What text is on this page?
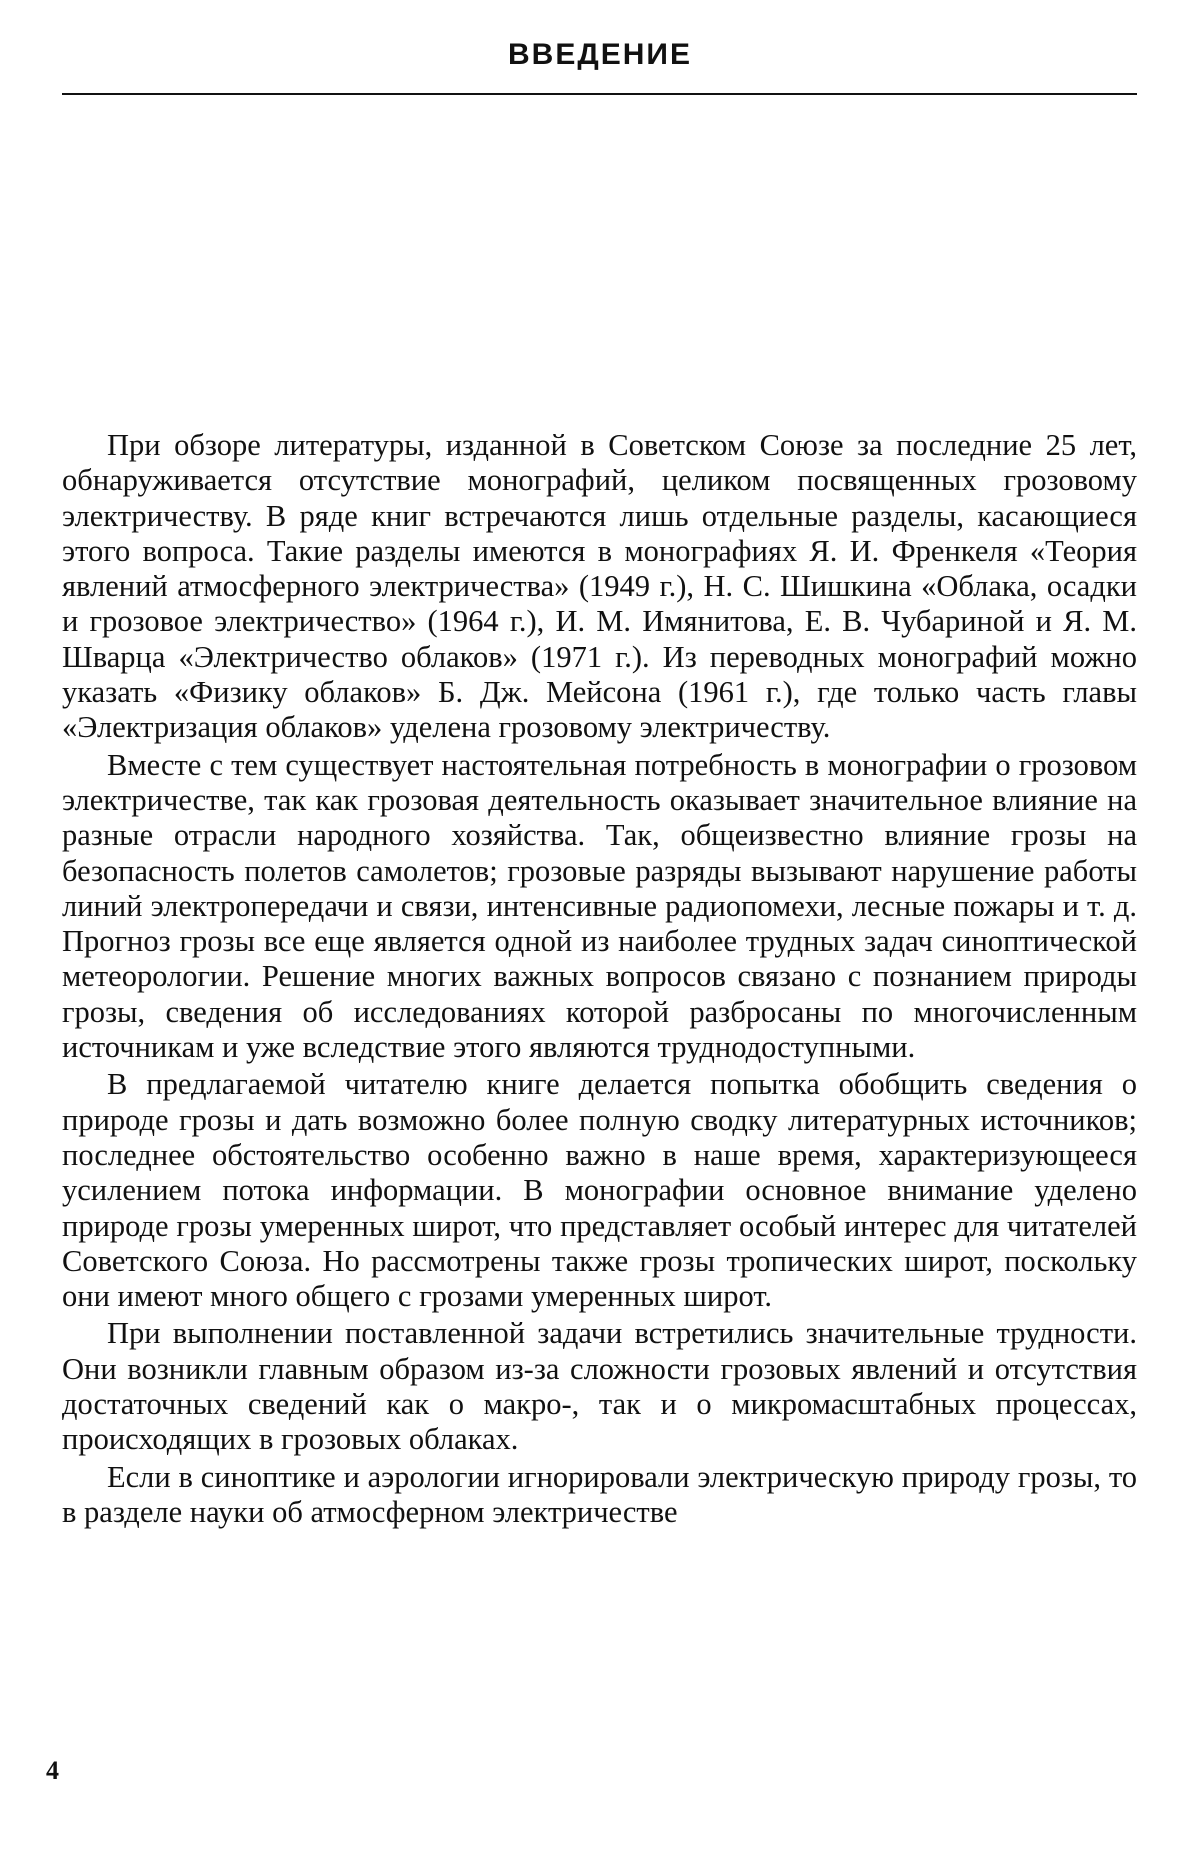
ВВЕДЕНИЕ

При обзоре литературы, изданной в Советском Союзе за последние 25 лет, обнаруживается отсутствие монографий, целиком посвященных грозовому электричеству. В ряде книг встречаются лишь отдельные разделы, касающиеся этого вопроса. Такие разделы имеются в монографиях Я. И. Френкеля «Теория явлений атмосферного электричества» (1949 г.), Н. С. Шишкина «Облака, осадки и грозовое электричество» (1964 г.), И. М. Имянитова, Е. В. Чубариной и Я. М. Шварца «Электричество облаков» (1971 г.). Из переводных монографий можно указать «Физику облаков» Б. Дж. Мейсона (1961 г.), где только часть главы «Электризация облаков» уделена грозовому электричеству.

Вместе с тем существует настоятельная потребность в монографии о грозовом электричестве, так как грозовая деятельность оказывает значительное влияние на разные отрасли народного хозяйства. Так, общеизвестно влияние грозы на безопасность полетов самолетов; грозовые разряды вызывают нарушение работы линий электропередачи и связи, интенсивные радиопомехи, лесные пожары и т. д. Прогноз грозы все еще является одной из наиболее трудных задач синоптической метеорологии. Решение многих важных вопросов связано с познанием природы грозы, сведения об исследованиях которой разбросаны по многочисленным источникам и уже вследствие этого являются труднодоступными.

В предлагаемой читателю книге делается попытка обобщить сведения о природе грозы и дать возможно более полную сводку литературных источников; последнее обстоятельство особенно важно в наше время, характеризующееся усилением потока информации. В монографии основное внимание уделено природе грозы умеренных широт, что представляет особый интерес для читателей Советского Союза. Но рассмотрены также грозы тропических широт, поскольку они имеют много общего с грозами умеренных широт.

При выполнении поставленной задачи встретились значительные трудности. Они возникли главным образом из-за сложности грозовых явлений и отсутствия достаточных сведений как о макро-, так и о микромасштабных процессах, происходящих в грозовых облаках.

Если в синоптике и аэрологии игнорировали электрическую природу грозы, то в разделе науки об атмосферном электричестве

4
